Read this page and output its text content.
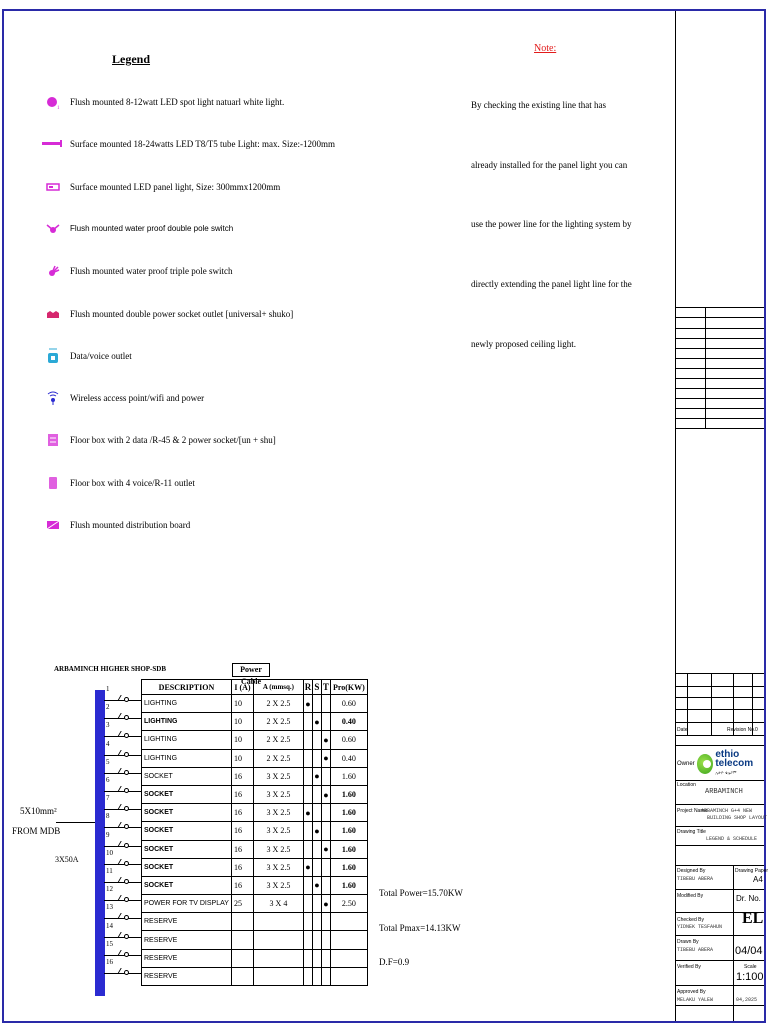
Legend
1
Flush mounted 8-12watt LED spot light natuarl white light.
Surface mounted 18-24watts LED T8/T5 tube Light: max. Size:-1200mm
Surface mounted LED panel light, Size: 300mmx1200mm
Flush mounted water proof double pole switch
Flush mounted water proof triple pole switch
Flush mounted double power socket outlet [universal+ shuko]
Data/voice outlet
Wireless access point/wifi and power
Floor box with 2 data /R-45 & 2 power socket/[un + shu]
Floor box with 4 voice/R-11 outlet
Flush mounted distribution board
Note:
By checking the existing line that has
already installed for the panel light you can
use the power line for the lighting system by
directly extending the panel light line for the
newly proposed ceiling light.
ARBAMINCH HIGHER SHOP-SDB	Power Cable
DESCRIPTION	I (A)	A (mmsq.)	R	S	T	Pro(KW)
LIGHTING	10	2 X 2.5	●			0.60
LIGHTING	10	2 X 2.5		●		0.40
LIGHTING	10	2 X 2.5			●	0.60
LIGHTING	10	2 X 2.5			●	0.40
SOCKET	16	3 X 2.5		●		1.60
SOCKET	16	3 X 2.5			●	1.60
SOCKET	16	3 X 2.5	●			1.60
SOCKET	16	3 X 2.5		●		1.60
SOCKET	16	3 X 2.5			●	1.60
SOCKET	16	3 X 2.5	●			1.60
SOCKET	16	3 X 2.5		●		1.60
POWER FOR TV DISPLAY	25	3 X 4			●	2.50
RESERVE						
RESERVE						
RESERVE						
RESERVE						
1
2
3
4
5
6
7
8
9
10
11
12
13
14
15
16
5X10mm²
FROM MDB
3X50A
Total Power=15.70KW
Total Pmax=14.13KW
D.F=0.9
Date	Revision No. 0
Owner
ethio telecom
ኢትዮ ቴሌኮም
Location
ARBAMINCH
Project Name
ARBAMINCH G+4 NEW
BUILDING SHOP LAYOUT
Drawing Title
LEGEND & SCHEDULE
Designed By
TIBEBU ABERA
Drawing Paper
A4
Modified By	Dr. No.
EL
Checked By
YIDNEK TESFAHUN
Drawn By
TIBEBU ABERA 04/04
Verified By	Scale
1:100
Approved By
MELAKU YALEW	04,2025
